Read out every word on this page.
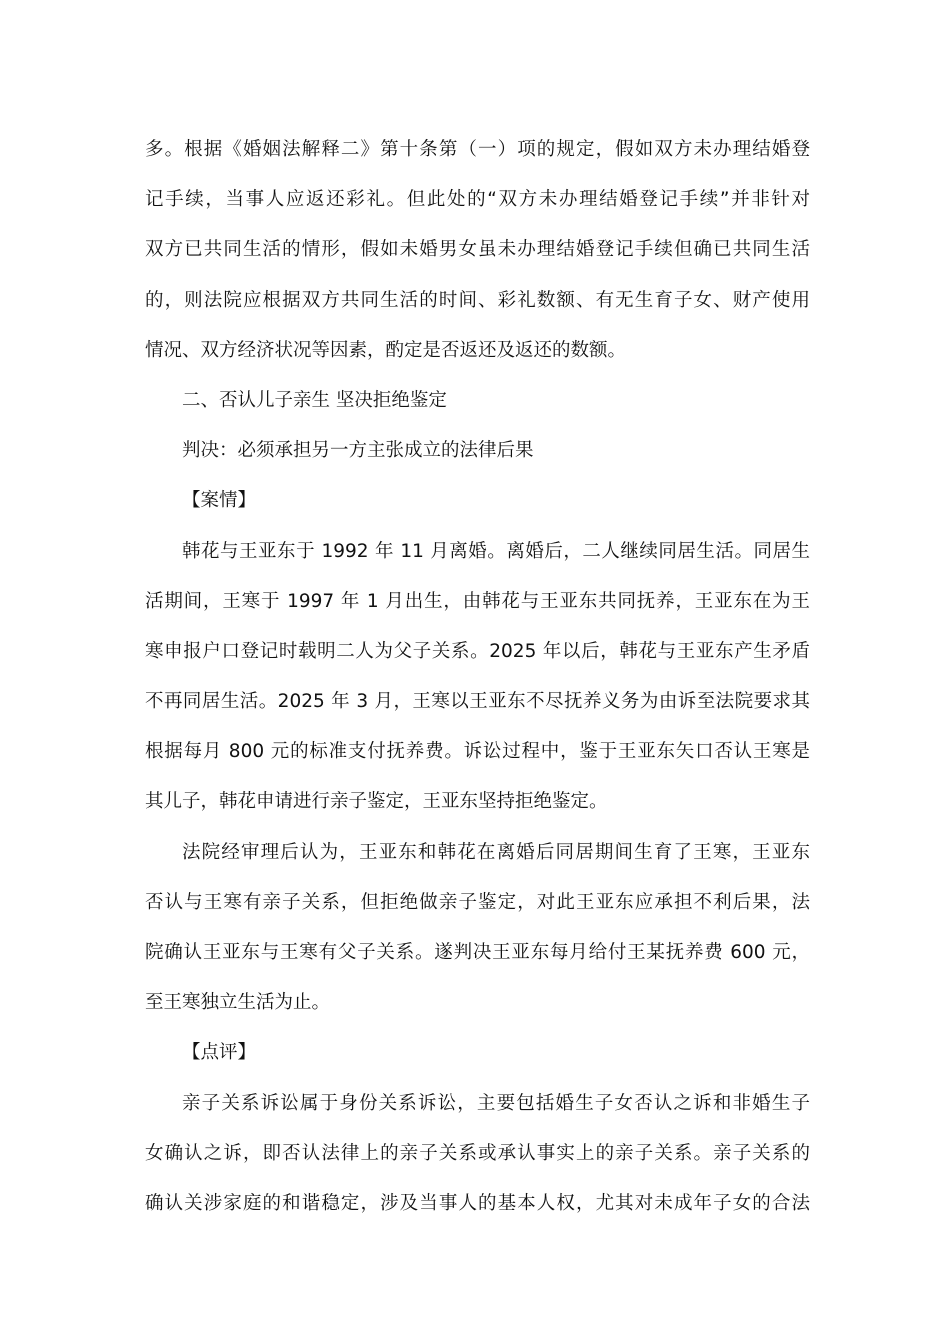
多。根据《婚姻法解释二》第十条第（一）项的规定，假如双方未办理结婚登
记手续，当事人应返还彩礼。但此处的“双方未办理结婚登记手续”并非针对
双方已共同生活的情形，假如未婚男女虽未办理结婚登记手续但确已共同生活
的，则法院应根据双方共同生活的时间、彩礼数额、有无生育子女、财产使用
情况、双方经济状况等因素，酌定是否返还及返还的数额。
二、否认儿子亲生 坚决拒绝鉴定
判决：必须承担另一方主张成立的法律后果
【案情】
韩花与王亚东于 1992 年 11 月离婚。离婚后，二人继续同居生活。同居生
活期间，王寒于 1997 年 1 月出生，由韩花与王亚东共同抚养，王亚东在为王
寒申报户口登记时载明二人为父子关系。2025 年以后，韩花与王亚东产生矛盾
不再同居生活。2025 年 3 月，王寒以王亚东不尽抚养义务为由诉至法院要求其
根据每月 800 元的标准支付抚养费。诉讼过程中，鉴于王亚东矢口否认王寒是
其儿子，韩花申请进行亲子鉴定，王亚东坚持拒绝鉴定。
法院经审理后认为，王亚东和韩花在离婚后同居期间生育了王寒，王亚东
否认与王寒有亲子关系，但拒绝做亲子鉴定，对此王亚东应承担不利后果，法
院确认王亚东与王寒有父子关系。遂判决王亚东每月给付王某抚养费 600 元，
至王寒独立生活为止。
【点评】
亲子关系诉讼属于身份关系诉讼，主要包括婚生子女否认之诉和非婚生子
女确认之诉，即否认法律上的亲子关系或承认事实上的亲子关系。亲子关系的
确认关涉家庭的和谐稳定，涉及当事人的基本人权，尤其对未成年子女的合法
